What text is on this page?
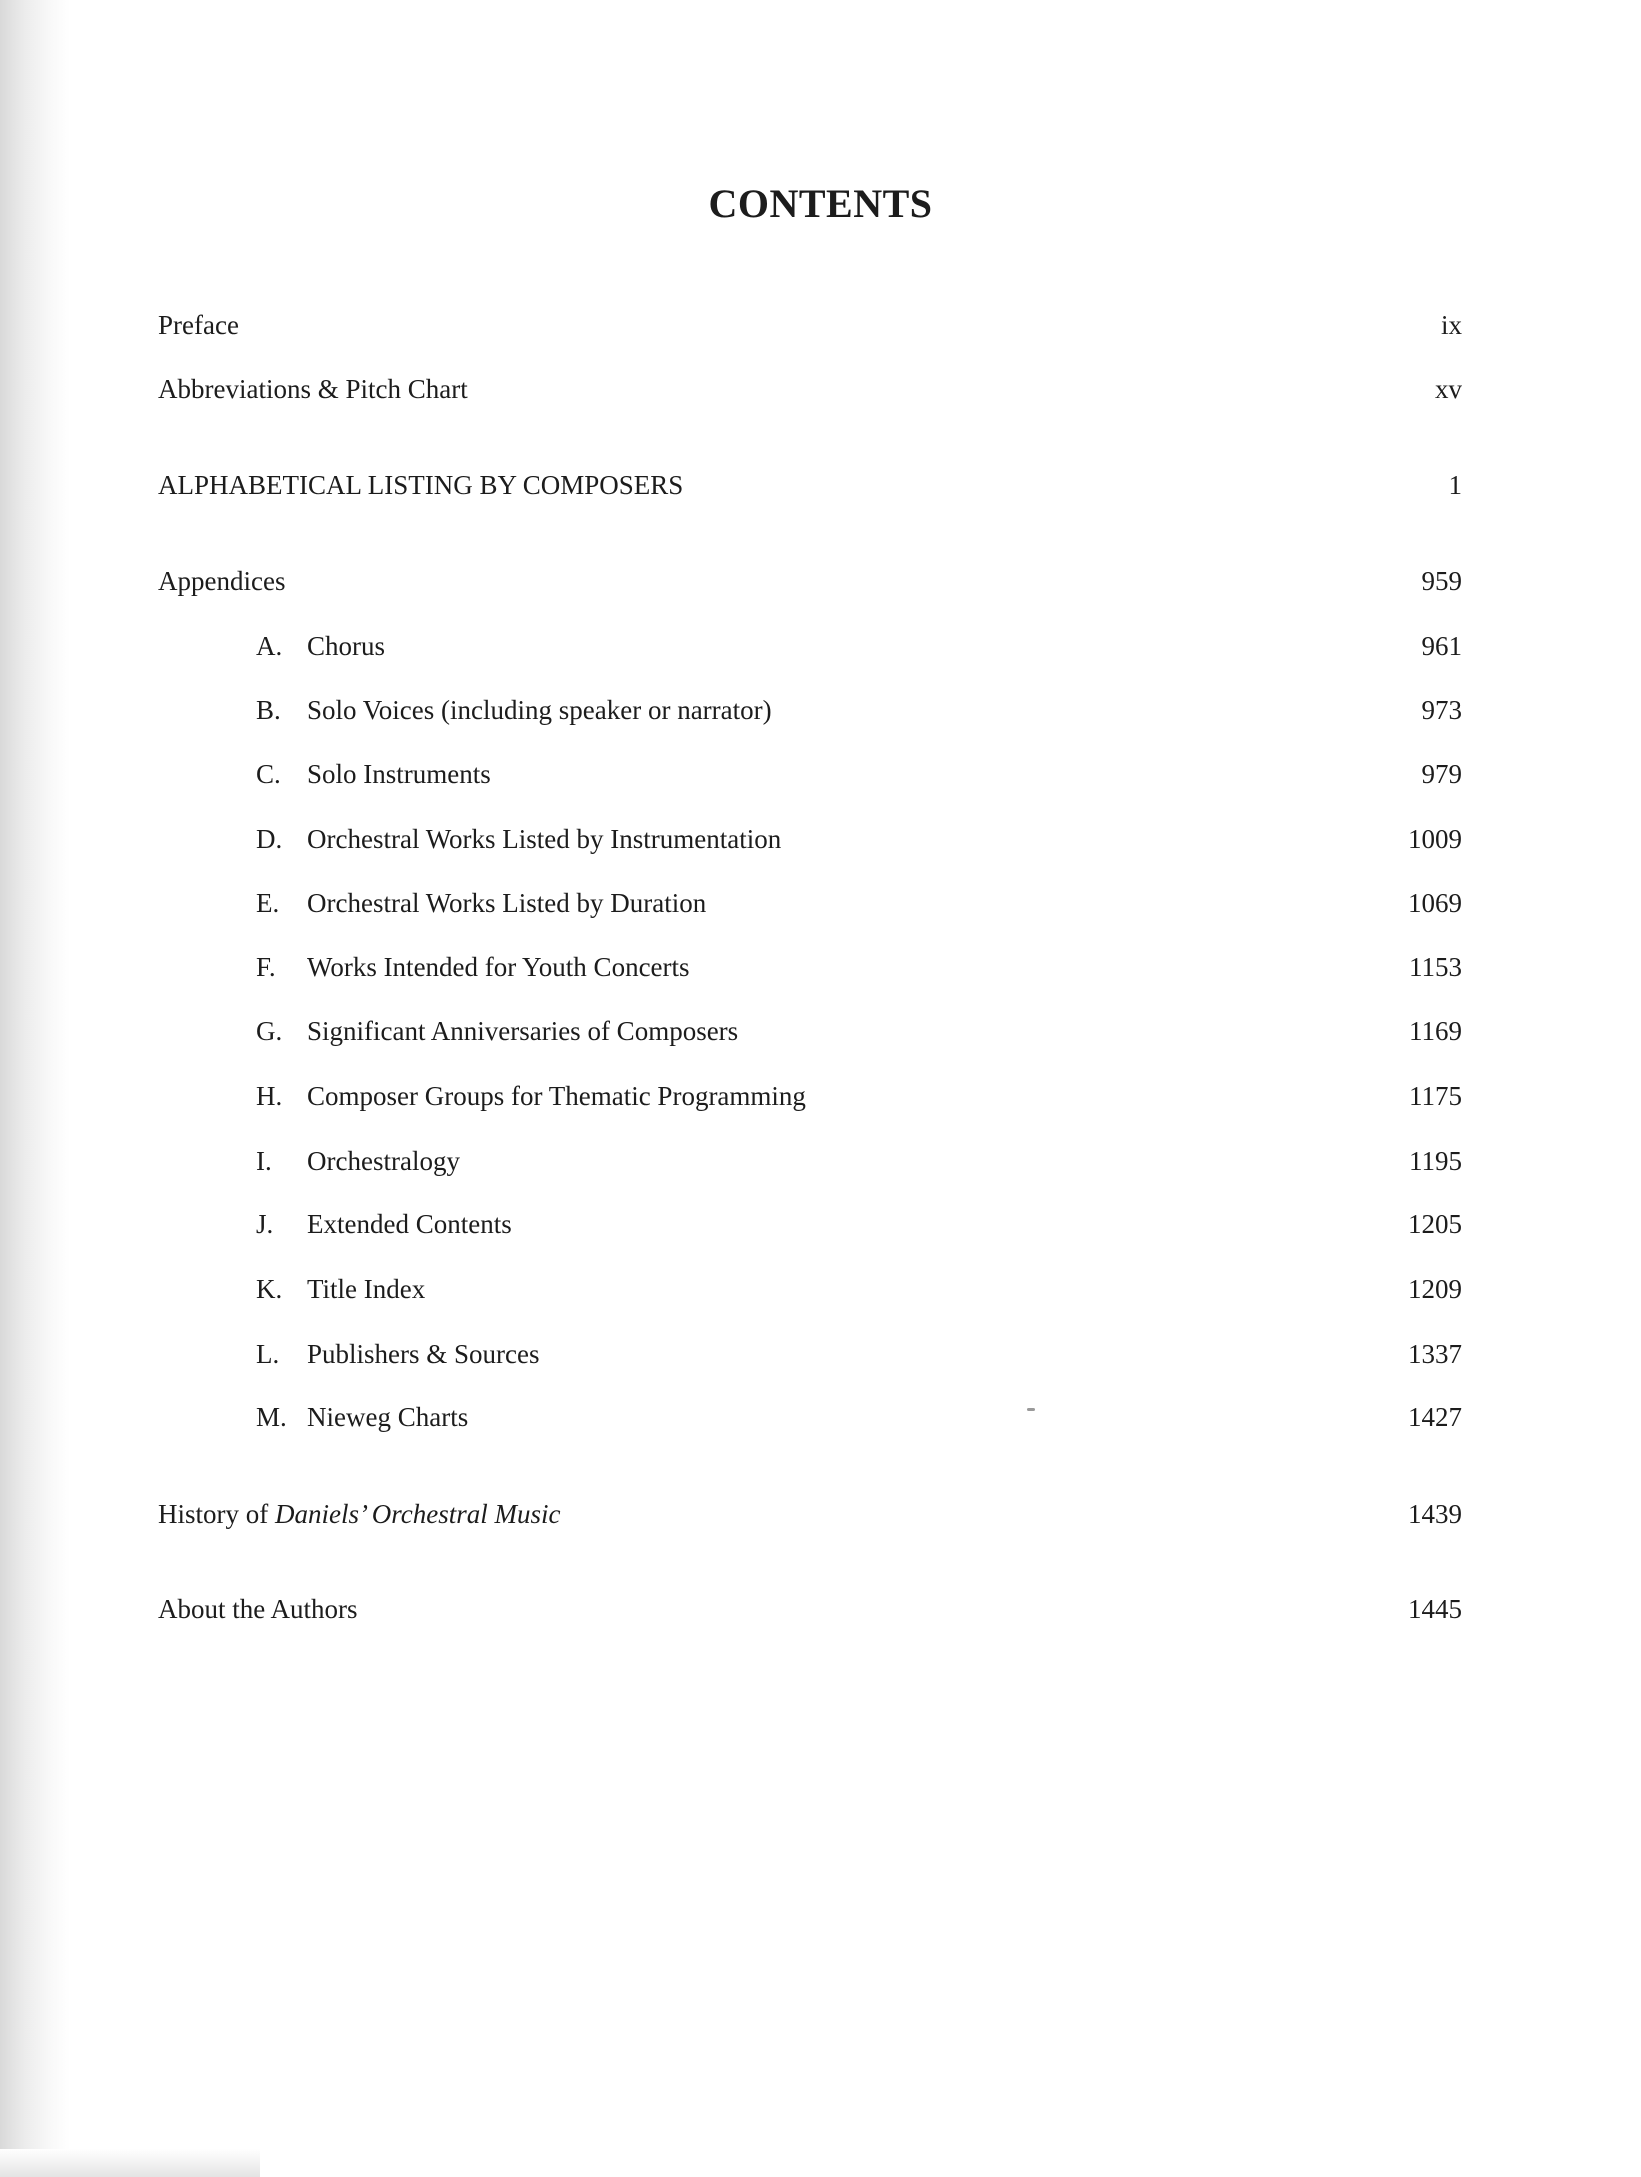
CONTENTS
Preface	ix
Abbreviations & Pitch Chart	xv
ALPHABETICAL LISTING BY COMPOSERS	1
Appendices	959
A. Chorus	961
B. Solo Voices (including speaker or narrator)	973
C. Solo Instruments	979
D. Orchestral Works Listed by Instrumentation	1009
E. Orchestral Works Listed by Duration	1069
F. Works Intended for Youth Concerts	1153
G. Significant Anniversaries of Composers	1169
H. Composer Groups for Thematic Programming	1175
I. Orchestralogy	1195
J. Extended Contents	1205
K. Title Index	1209
L. Publishers & Sources	1337
M. Nieweg Charts	1427
History of Daniels’ Orchestral Music	1439
About the Authors	1445
